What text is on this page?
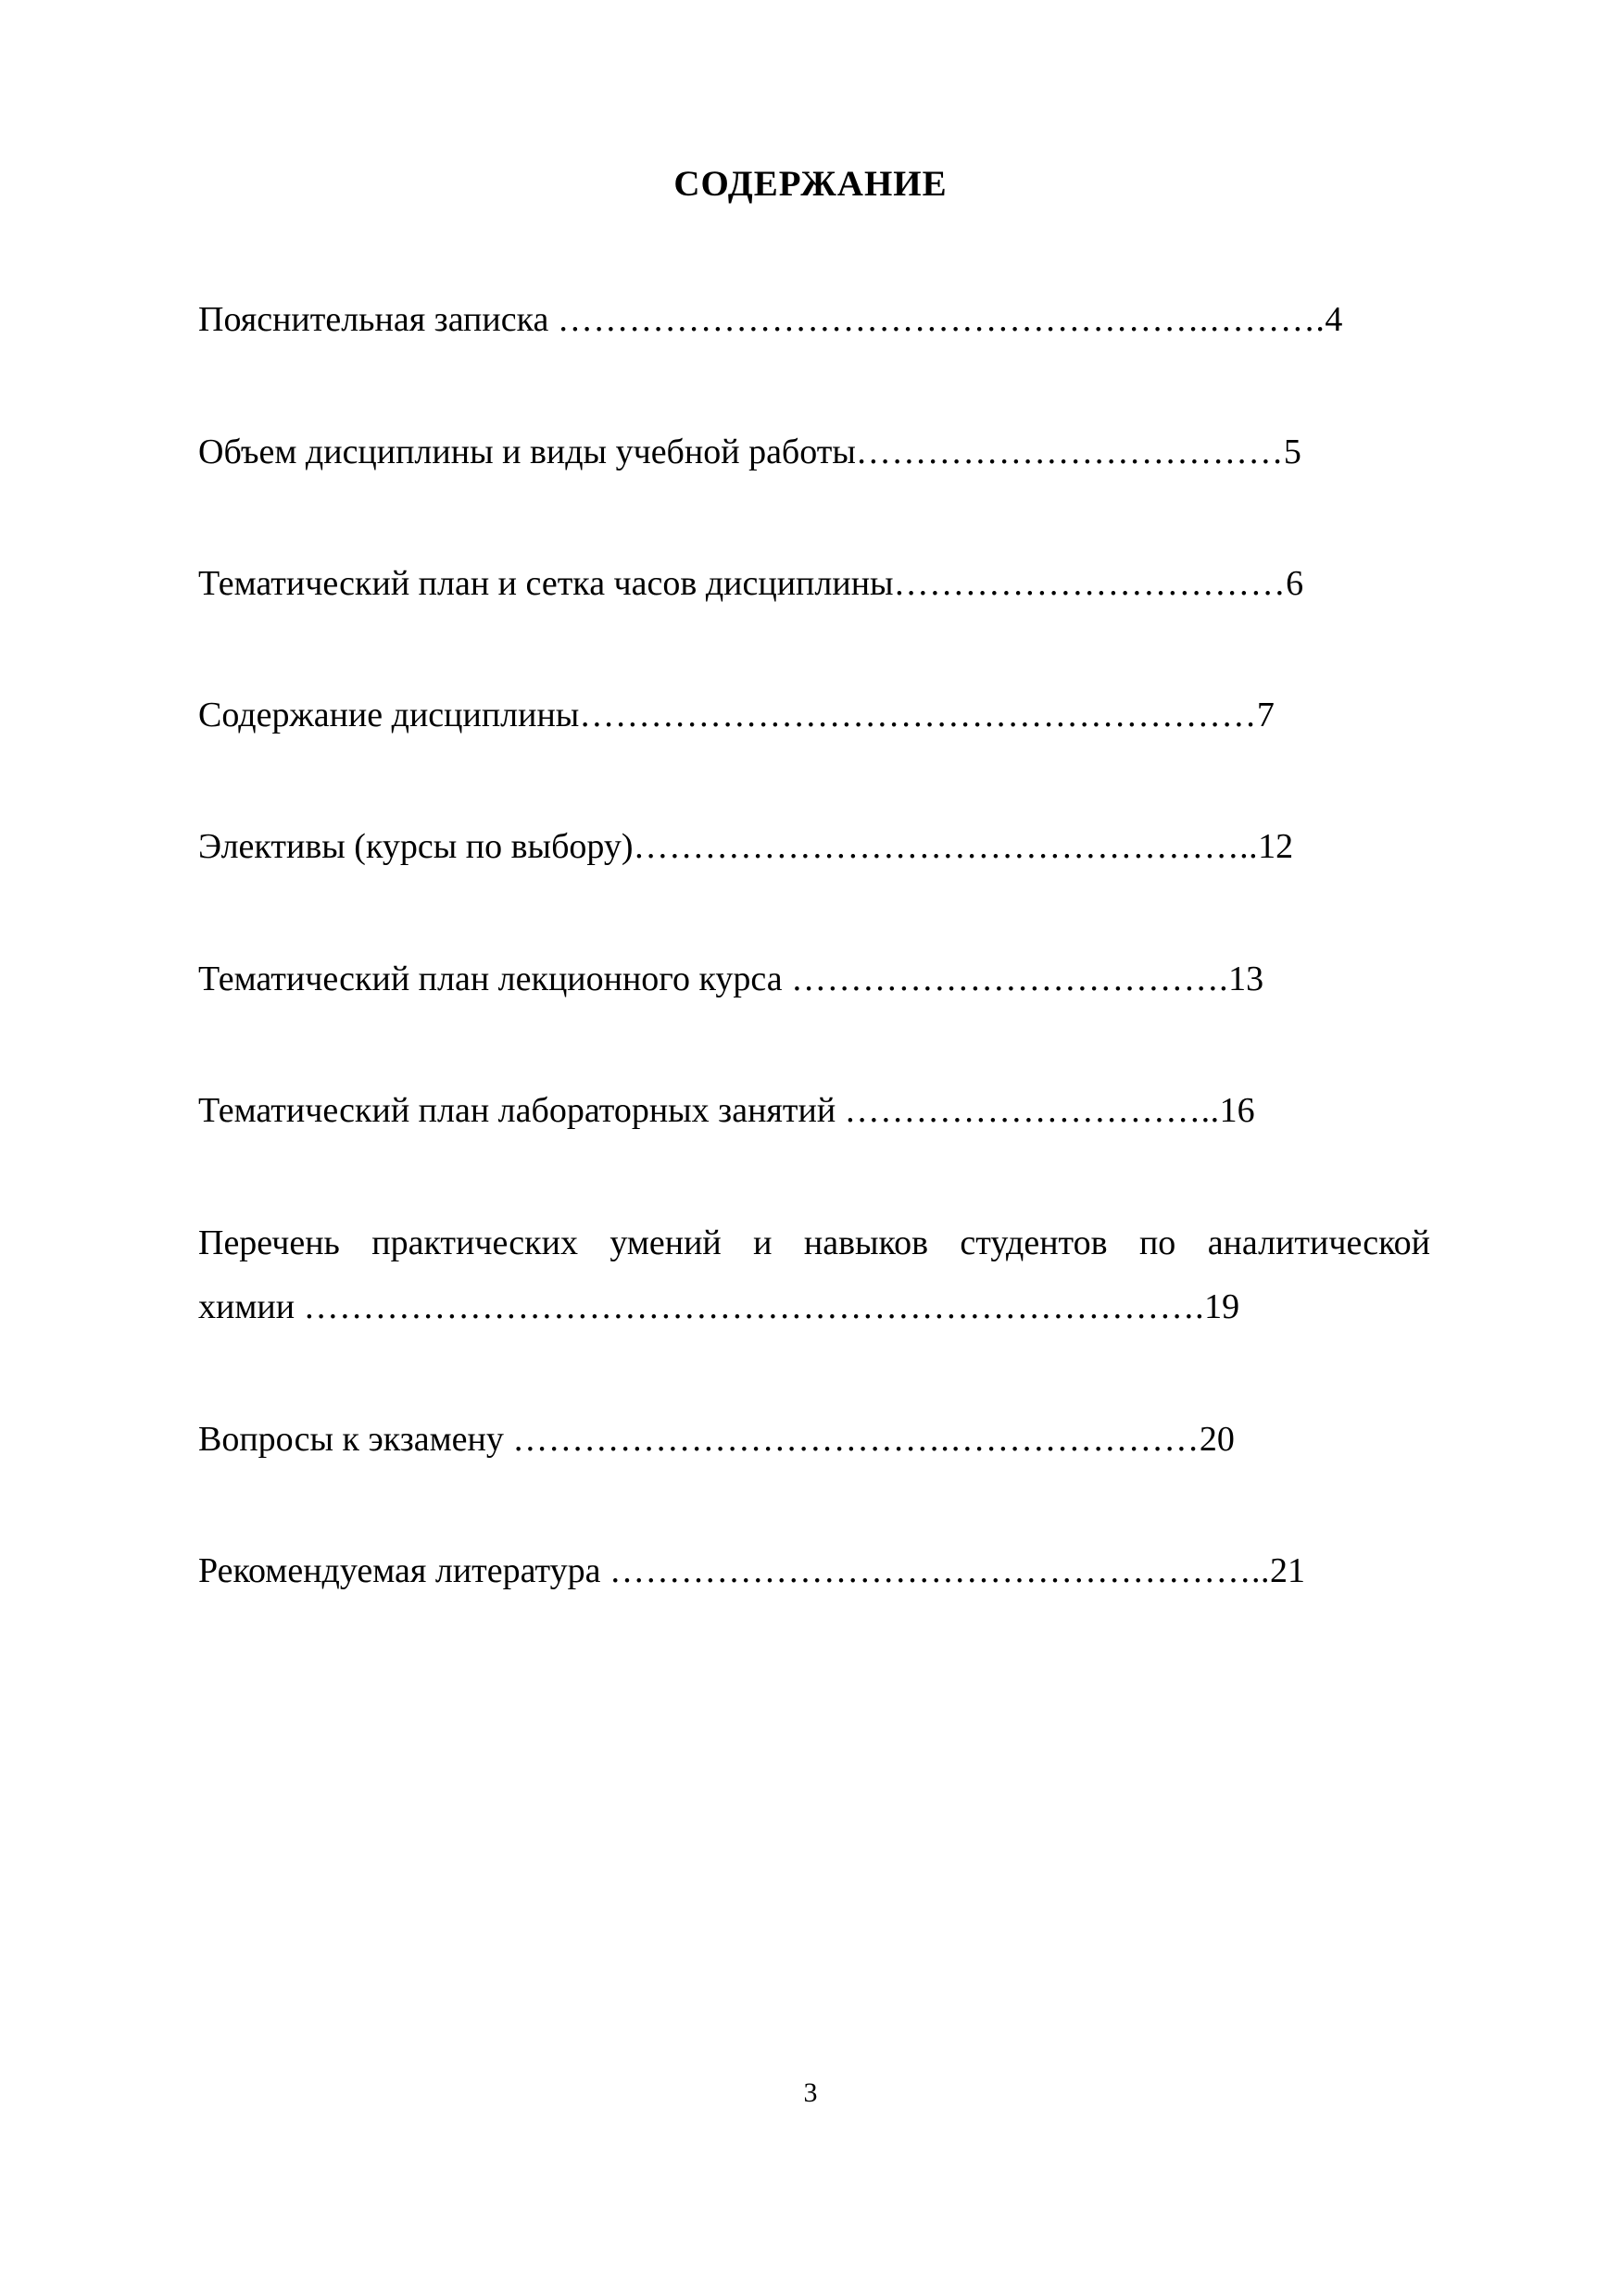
СОДЕРЖАНИЕ
Пояснительная записка ……………………………………………….……….4
Объем дисциплины и виды учебной работы………………………………5
Тематический план и сетка часов дисциплины……………………………6
Содержание дисциплины…………………………………………………7
Элективы (курсы по выбору)……………………………………………..12
Тематический план лекционного курса ……………………………….13
Тематический план лабораторных занятий …………………………..16
Перечень практических умений и навыков студентов по аналитической
химии ………………………………………………………………….19
Вопросы к экзамену ……………………………….…………………20
Рекомендуемая литература ………………………………………………..21
3
